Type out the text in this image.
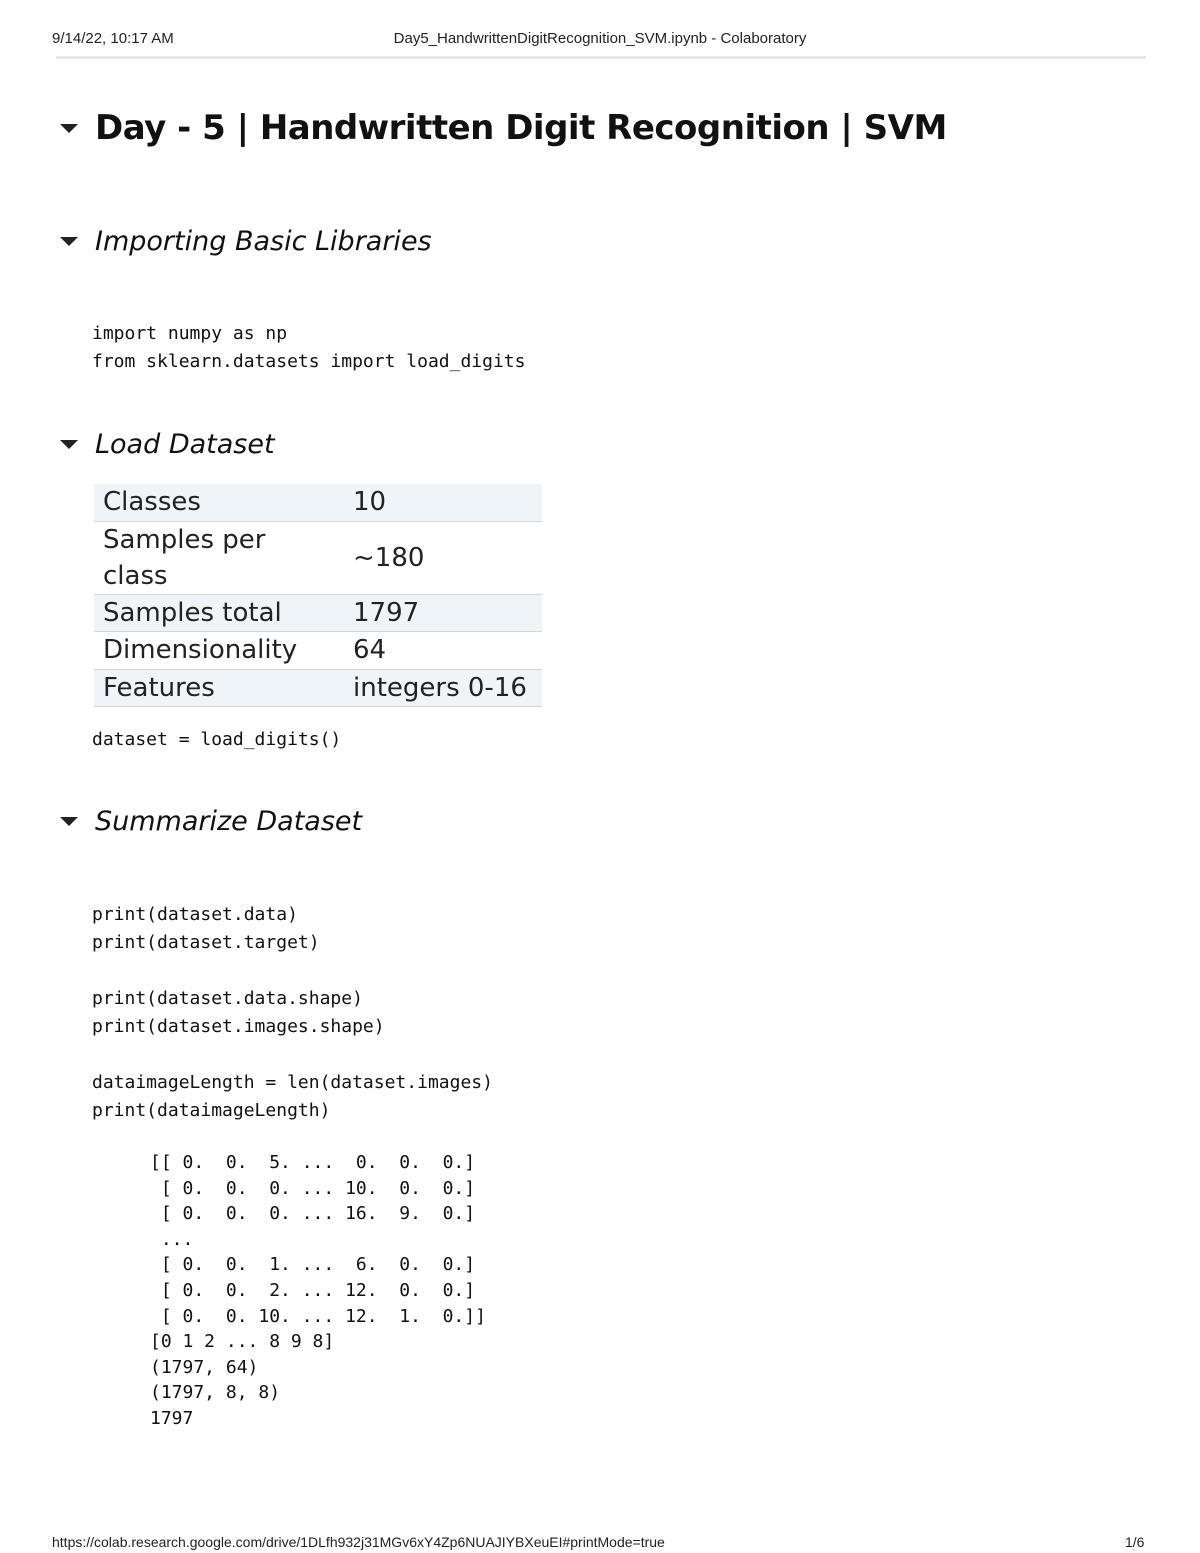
9/14/22, 10:17 AM	Day5_HandwrittenDigitRecognition_SVM.ipynb - Colaboratory
Day - 5 | Handwritten Digit Recognition | SVM
Importing Basic Libraries
import numpy as np
from sklearn.datasets import load_digits
Load Dataset
Classes	10
Samples per class	~180
Samples total	1797
Dimensionality	64
Features	integers 0-16
dataset = load_digits()
Summarize Dataset
print(dataset.data)
print(dataset.target)

print(dataset.data.shape)
print(dataset.images.shape)

dataimageLength = len(dataset.images)
print(dataimageLength)
[[ 0.  0.  5. ...  0.  0.  0.]
[ 0.  0.  0. ... 10.  0.  0.]
[ 0.  0.  0. ... 16.  9.  0.]
...
[ 0.  0.  1. ...  6.  0.  0.]
[ 0.  0.  2. ... 12.  0.  0.]
[ 0.  0. 10. ... 12.  1.  0.]]
[0 1 2 ... 8 9 8]
(1797, 64)
(1797, 8, 8)
1797
https://colab.research.google.com/drive/1DLfh932j31MGv6xY4Zp6NUAJIYBXeuEI#printMode=true	1/6
